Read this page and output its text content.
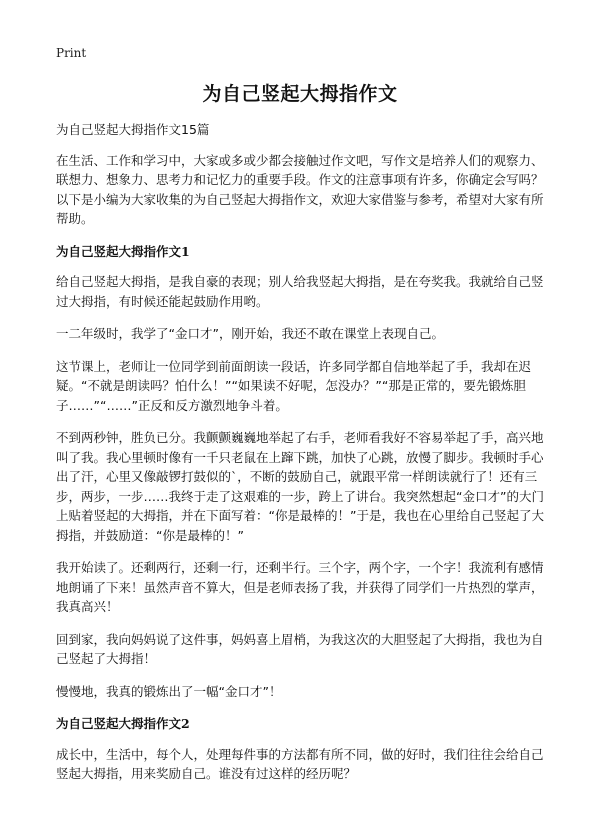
Print
为自己竖起大拇指作文
为自己竖起大拇指作文15篇

在生活、工作和学习中，大家或多或少都会接触过作文吧，写作文是培养人们的观察力、联想力、想象力、思考力和记忆力的重要手段。作文的注意事项有许多，你确定会写吗？以下是小编为大家收集的为自己竖起大拇指作文，欢迎大家借鉴与参考，希望对大家有所帮助。

为自己竖起大拇指作文1

给自己竖起大拇指，是我自豪的表现；别人给我竖起大拇指，是在夸奖我。我就给自己竖过大拇指，有时候还能起鼓励作用哟。

一二年级时，我学了“金口才”，刚开始，我还不敢在课堂上表现自己。

这节课上，老师让一位同学到前面朗读一段话，许多同学都自信地举起了手，我却在迟疑。“不就是朗读吗？怕什么！”“如果读不好呢，怎没办？”“那是正常的，要先锻炼胆子……”“……”正反和反方激烈地争斗着。

不到两秒钟，胜负已分。我颤颤巍巍地举起了右手，老师看我好不容易举起了手，高兴地叫了我。我心里顿时像有一千只老鼠在上蹿下跳，加快了心跳，放慢了脚步。我顿时手心出了汗，心里又像敲锣打鼓似的`，不断的鼓励自己，就跟平常一样朗读就行了！还有三步，两步，一步……我终于走了这艰难的一步，跨上了讲台。我突然想起“金口才”的大门上贴着竖起的大拇指，并在下面写着：“你是最棒的！”于是，我也在心里给自己竖起了大拇指，并鼓励道：“你是最棒的！”

我开始读了。还剩两行，还剩一行，还剩半行。三个字，两个字，一个字！我流利有感情地朗诵了下来！虽然声音不算大，但是老师表扬了我，并获得了同学们一片热烈的掌声，我真高兴！

回到家，我向妈妈说了这件事，妈妈喜上眉梢，为我这次的大胆竖起了大拇指，我也为自己竖起了大拇指！

慢慢地，我真的锻炼出了一幅“金口才”！

为自己竖起大拇指作文2

成长中，生活中，每个人，处理每件事的方法都有所不同，做的好时，我们往往会给自己竖起大拇指，用来奖励自己。谁没有过这样的经历呢？
